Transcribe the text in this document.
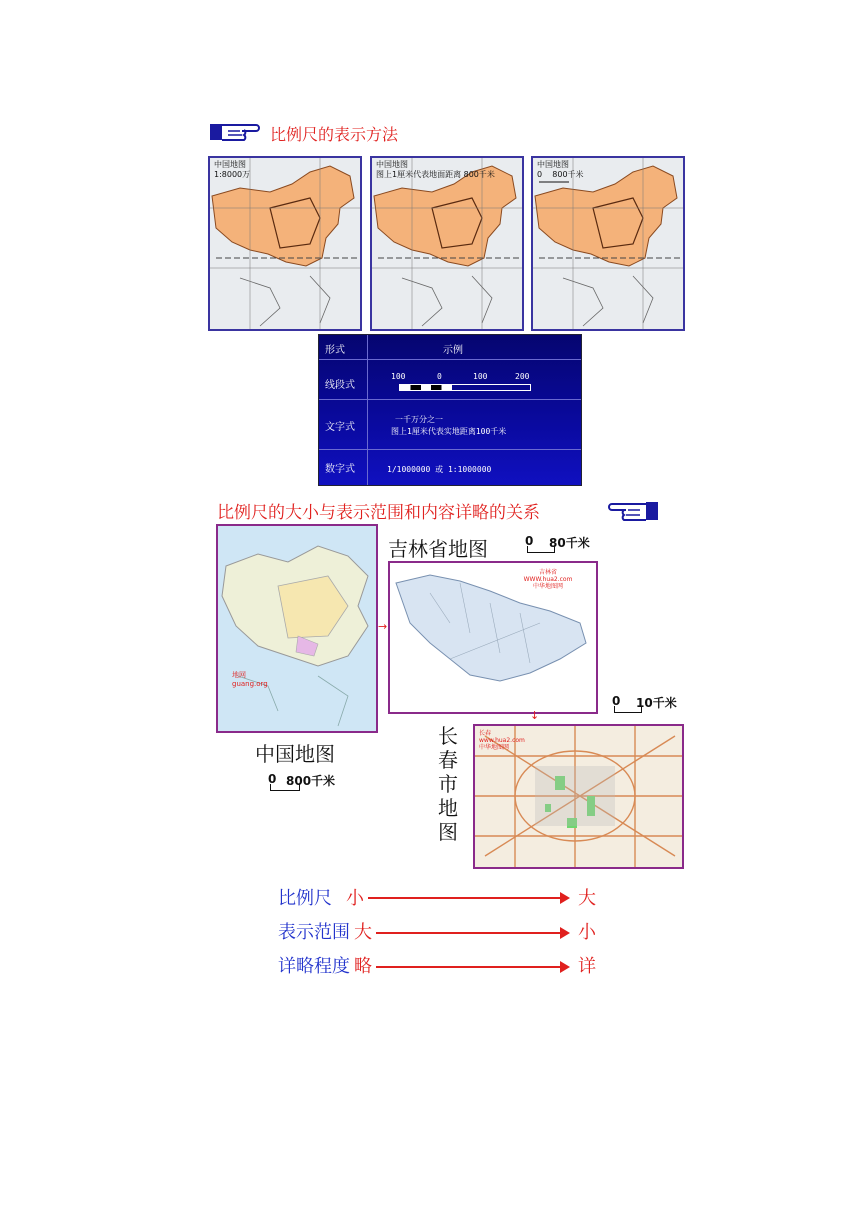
比例尺的表示方法
中国地图
1:8000万
中国地图
图上1厘米代表地面距离 800千米
中国地图
0    800千米
形式	示例
线段式
100	0	100	200
文字式
一千万分之一
图上1厘米代表实地距离100千米
数字式	1/1000000 或 1:1000000
比例尺的大小与表示范围和内容详略的关系
地网 guang.org
→
中国地图
0 800千米
吉林省地图	0 80千米
吉林省
WWW.hua2.com
中华地图网
↓
0 10千米
长春市地图
长春
www.hua2.com
中华地图网
比例尺 小	大
表示范围 大	小
详略程度 略	详
